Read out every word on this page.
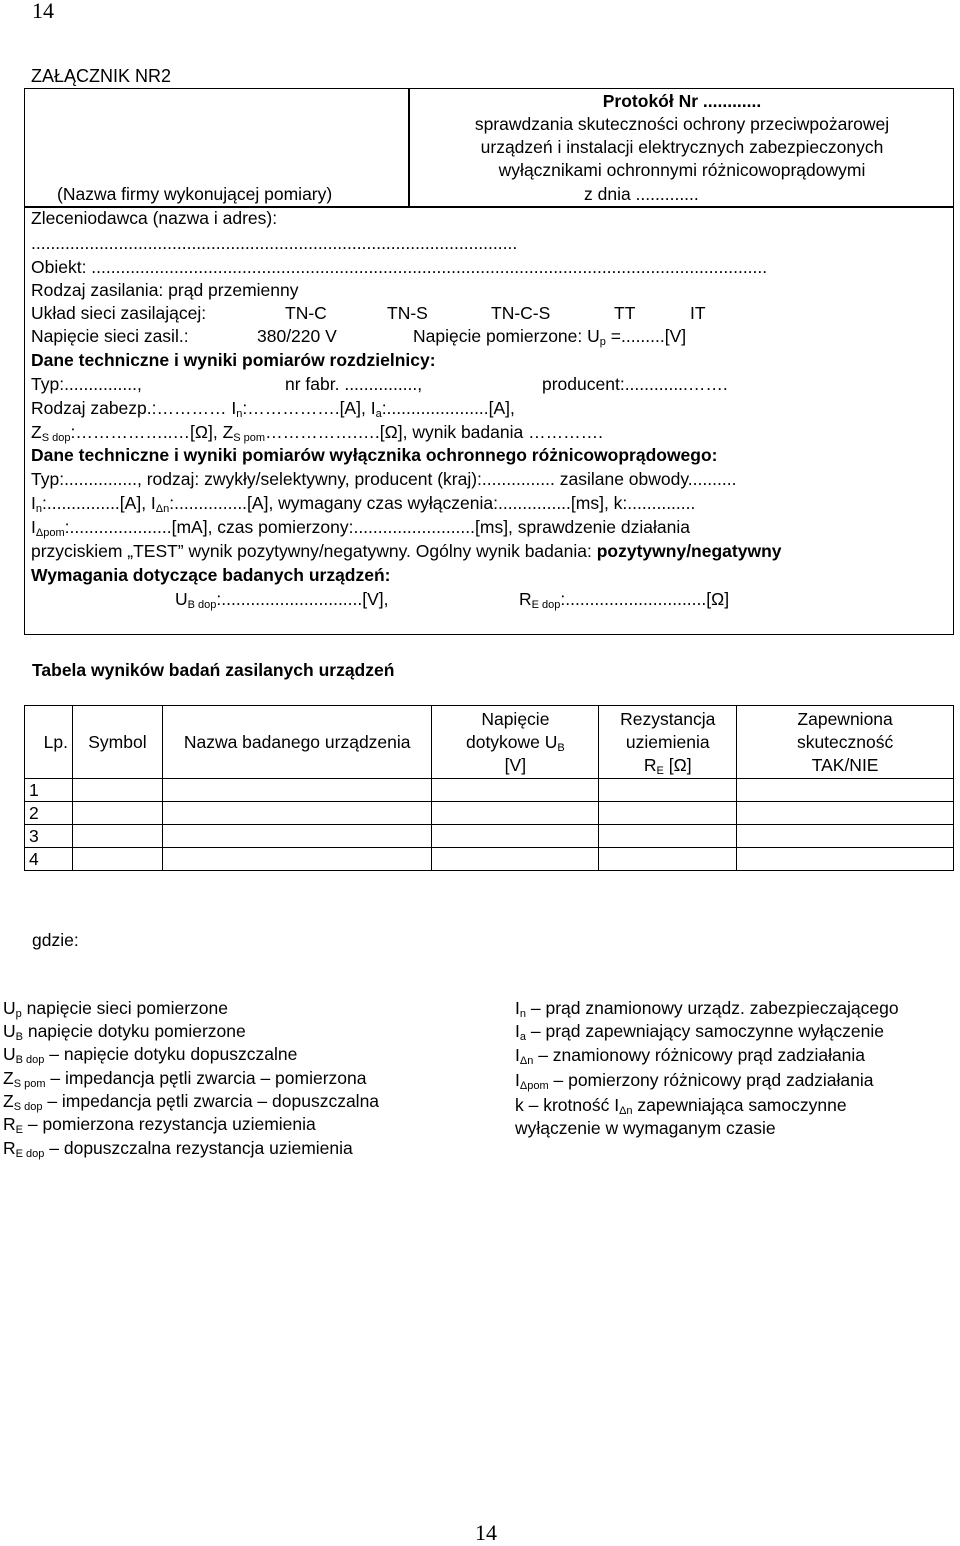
14
ZAŁĄCZNIK NR2
Protokół Nr ............
sprawdzania skuteczności ochrony przeciwpożarowej
urządzeń i instalacji elektrycznych zabezpieczonych
wyłącznikami ochronnymi różnicowoprądowymi
z dnia .............
(Nazwa firmy wykonującej pomiary)
Zleceniodawca (nazwa i adres):
....................................................................................................
Obiekt: ...........................................................................................................................................
Rodzaj zasilania: prąd przemienny
Układ sieci zasilającej:	TN-C	TN-S	TN-C-S	TT	IT
Napięcie sieci zasil.:	380/220 V	Napięcie pomierzone: $U_p =.........[V]$
Dane techniczne i wyniki pomiarów rozdzielnicy:
Typ:...............,	nr fabr. ...............,	producent:.............…….
Rodzaj zabezp.:………… $I_n:\dots\dots\dots\dots\dots.[A]$, $I_a:.....................[A]$,
$Z_{S dop}:\dots\dots\dots\dots\dots..\dots[\Omega]$, $Z_{S pom}\dots\dots\dots\dots\dots.\dots.[\Omega]$, wynik badania ………….
Dane techniczne i wyniki pomiarów wyłącznika ochronnego różnicowoprądowego:
Typ:..............., rodzaj: zwykły/selektywny, producent (kraj):............... zasilane obwody..........
$I_n:...............[A]$, $I_{\Delta n}:...............[A]$, wymagany czas wyłączenia:...............[ms], k:..............
$I_{\Delta pom}:.....................[mA]$, czas pomierzony:.........................[ms], sprawdzenie działania
przyciskiem „TEST” wynik pozytywny/negatywny. Ogólny wynik badania: pozytywny/negatywny
Wymagania dotyczące badanych urządzeń:
$U_{B dop}:.............................[V]$,	$R_{E dop}:.............................[\Omega]$
Tabela wyników badań zasilanych urządzeń
Lp.	Symbol	Nazwa badanego urządzenia	Napięcie
dotykowe $U_B$
[V]	Rezystancja
uziemienia
$R_E$ [Ω]	Zapewniona
skuteczność
TAK/NIE
1					
2					
3					
4					
gdzie:
$U_p$ napięcie sieci pomierzone
$U_B$ napięcie dotyku pomierzone
$U_{B dop}$ – napięcie dotyku dopuszczalne
$Z_{S pom}$ – impedancja pętli zwarcia – pomierzona
$Z_{S dop}$ – impedancja pętli zwarcia – dopuszczalna
$R_E$ – pomierzona rezystancja uziemienia
$R_{E dop}$ – dopuszczalna rezystancja uziemienia
$I_n$ – prąd znamionowy urządz. zabezpieczającego
$I_a$ – prąd zapewniający samoczynne wyłączenie
$I_{\Delta n}$ – znamionowy różnicowy prąd zadziałania
$I_{\Delta pom}$ – pomierzony różnicowy prąd zadziałania
k – krotność $I_{\Delta n}$ zapewniająca samoczynne
wyłączenie w wymaganym czasie
14
